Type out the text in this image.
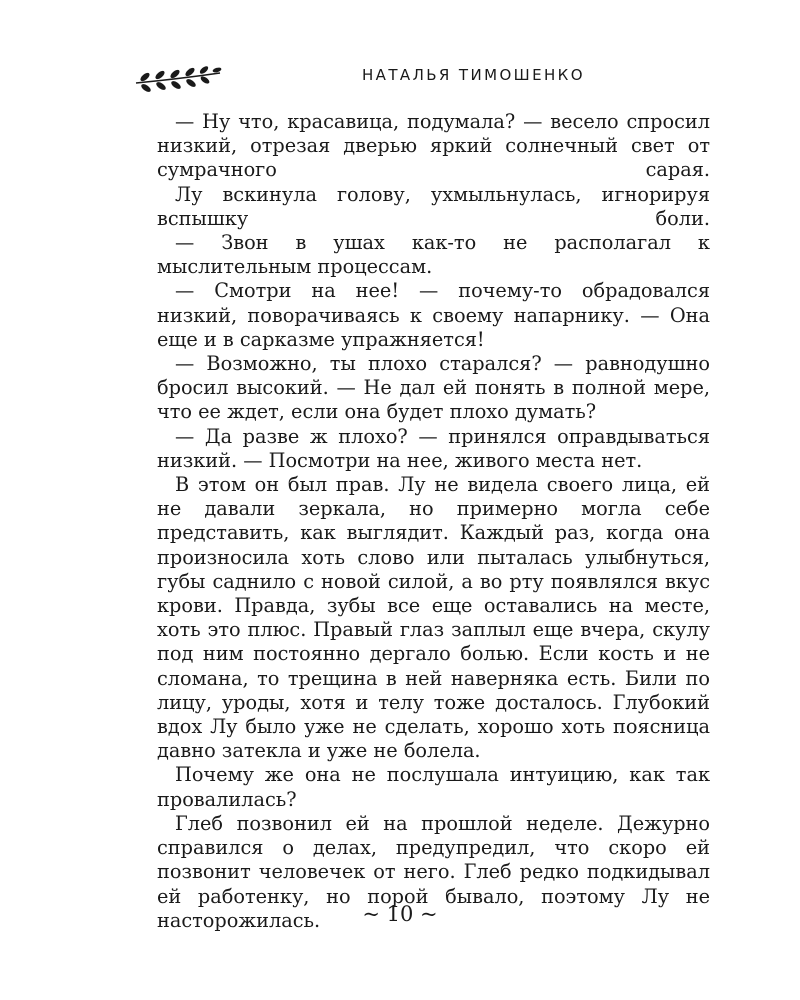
НАТАЛЬЯ ТИМОШЕНКО

— Ну что, красавица, подумала? — весело спросил низкий, отрезая дверью яркий солнечный свет от сумрачного сарая.

Лу вскинула голову, ухмыльнулась, игнорируя вспышку боли.

— Звон в ушах как-то не располагал к мыслительным процессам.

— Смотри на нее! — почему-то обрадовался низкий, поворачиваясь к своему напарнику. — Она еще и в сарказме упражняется!

— Возможно, ты плохо старался? — равнодушно бросил высокий. — Не дал ей понять в полной мере, что ее ждет, если она будет плохо думать?

— Да разве ж плохо? — принялся оправдываться низкий. — Посмотри на нее, живого места нет.

В этом он был прав. Лу не видела своего лица, ей не давали зеркала, но примерно могла себе представить, как выглядит. Каждый раз, когда она произносила хоть слово или пыталась улыбнуться, губы саднило с новой силой, а во рту появлялся вкус крови. Правда, зубы все еще оставались на месте, хоть это плюс. Правый глаз заплыл еще вчера, скулу под ним постоянно дергало болью. Если кость и не сломана, то трещина в ней наверняка есть. Били по лицу, уроды, хотя и телу тоже досталось. Глубокий вдох Лу было уже не сделать, хорошо хоть поясница давно затекла и уже не болела.

Почему же она не послушала интуицию, как так провалилась?

Глеб позвонил ей на прошлой неделе. Дежурно справился о делах, предупредил, что скоро ей позвонит человечек от него. Глеб редко подкидывал ей работенку, но порой бывало, поэтому Лу не насторожилась.	~ 10 ~
